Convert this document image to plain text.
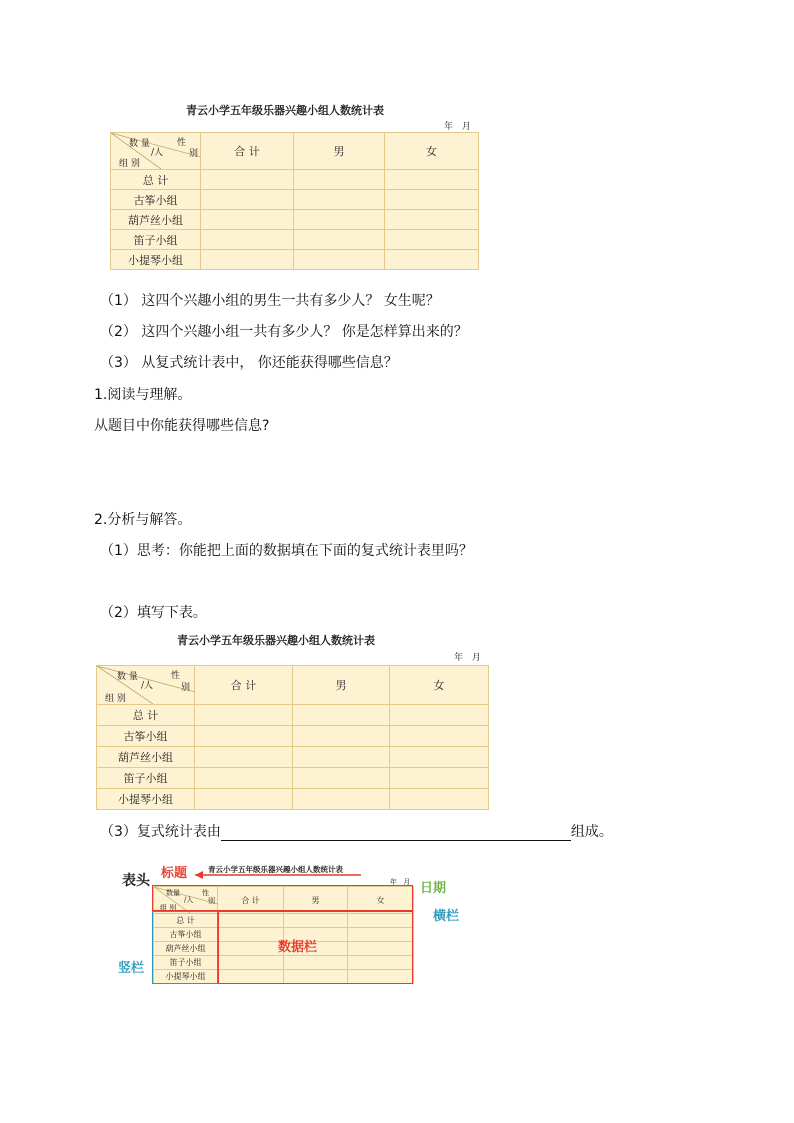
青云小学五年级乐器兴趣小组人数统计表
年 月
数 量
/人
性
别
组 别	合 计	男	女
总 计			
古筝小组			
葫芦丝小组			
笛子小组			
小提琴小组			
（1） 这四个兴趣小组的男生一共有多少人？ 女生呢？
（2） 这四个兴趣小组一共有多少人？ 你是怎样算出来的？
（3） 从复式统计表中， 你还能获得哪些信息？
1.阅读与理解。
从题目中你能获得哪些信息?
2.分析与解答。
（1）思考：你能把上面的数据填在下面的复式统计表里吗？
（2）填写下表。
青云小学五年级乐器兴趣小组人数统计表
年 月
数 量
/人
性
别
组 别	合 计	男	女
总 计			
古筝小组			
葫芦丝小组			
笛子小组			
小提琴小组			
（3）复式统计表由	组成。
表头 标题	青云小学五年级乐器兴趣小组人数统计表
年 月 日期
横栏
竖栏
数量
/人
性
别
组 别	合 计	男	女
总 计			
古筝小组			
葫芦丝小组			
笛子小组			
小提琴小组			
数据栏
